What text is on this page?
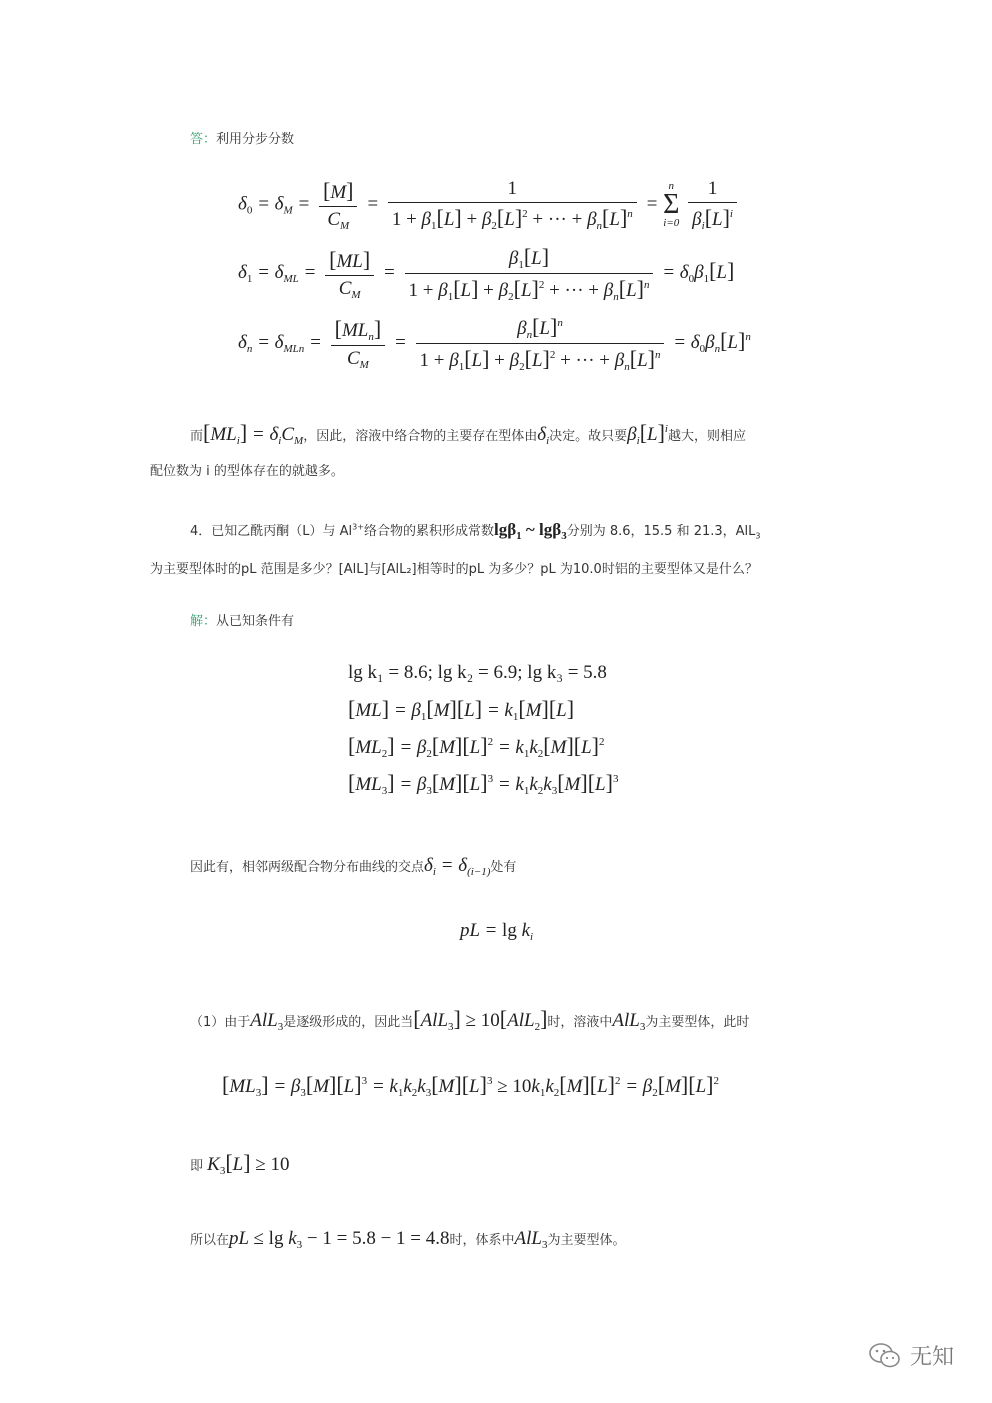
答：利用分步分数
$\delta_0 = \delta_M = \frac{[M]}{C_M} = \frac{1}{1 + \beta_1[L] + \beta_2[L]^2 + \cdot\cdot\cdot + \beta_n[L]^n}$ =
n
Σ
i=0
$\frac{1}{\beta_i[L]^i}$
$\delta_1 = \delta_{ML} = \frac{[ML]}{C_M} = \frac{\beta_1[L]}{1 + \beta_1[L] + \beta_2[L]^2 + \cdot\cdot\cdot + \beta_n[L]^n} = \delta_0\beta_1[L]$
$\delta_n = \delta_{MLn} = \frac{[ML_n]}{C_M} = \frac{\beta_n[L]^n}{1 + \beta_1[L] + \beta_2[L]^2 + \cdot\cdot\cdot + \beta_n[L]^n} = \delta_0\beta_n[L]^n$
而$[ML_i] = \delta_iC_M$，因此，溶液中络合物的主要存在型体由$\delta_i$决定。故只要$\beta_i[L]^i$越大，则相应
配位数为 i 的型体存在的就越多。
4．已知乙酰丙酮（L）与 $Al^{3+}$络合物的累积形成常数lgβ$_1$ ~ lgβ$_3$分别为 8.6，15.5 和 21.3，AlL$_3$
为主要型体时的pL 范围是多少？[AlL]与[AlL₂]相等时的pL 为多少？pL 为10.0时铝的主要型体又是什么？
解：从已知条件有
lg k₁ = 8.6; lg k₂ = 6.9; lg k₃ = 5.8
$[ML] = \beta_1[M][L] = k_1[M][L]$
$[ML_2] = \beta_2[M][L]^2 = k_1k_2[M][L]^2$
$[ML_3] = \beta_3[M][L]^3 = k_1k_2k_3[M][L]^3$
因此有，相邻两级配合物分布曲线的交点$\delta_i = \delta_{(i-1)}$处有
pL = $\lg k_i$
（1）由于AlL$_3$是逐级形成的，因此当[AlL$_3$] ≥ 10[AlL$_2$]时，溶液中AlL$_3$为主要型体，此时
$[ML_3] = \beta_3[M][L]^3 = k_1k_2k_3[M][L]^3 \ge 10k_1k_2[M][L]^2 = \beta_2[M][L]^2$
即 $K_3[L] \ge 10$
所以在pL ≤ $\lg k_3 - 1 = 5.8 - 1 = 4.8$时，体系中AlL$_3$为主要型体。
无知
